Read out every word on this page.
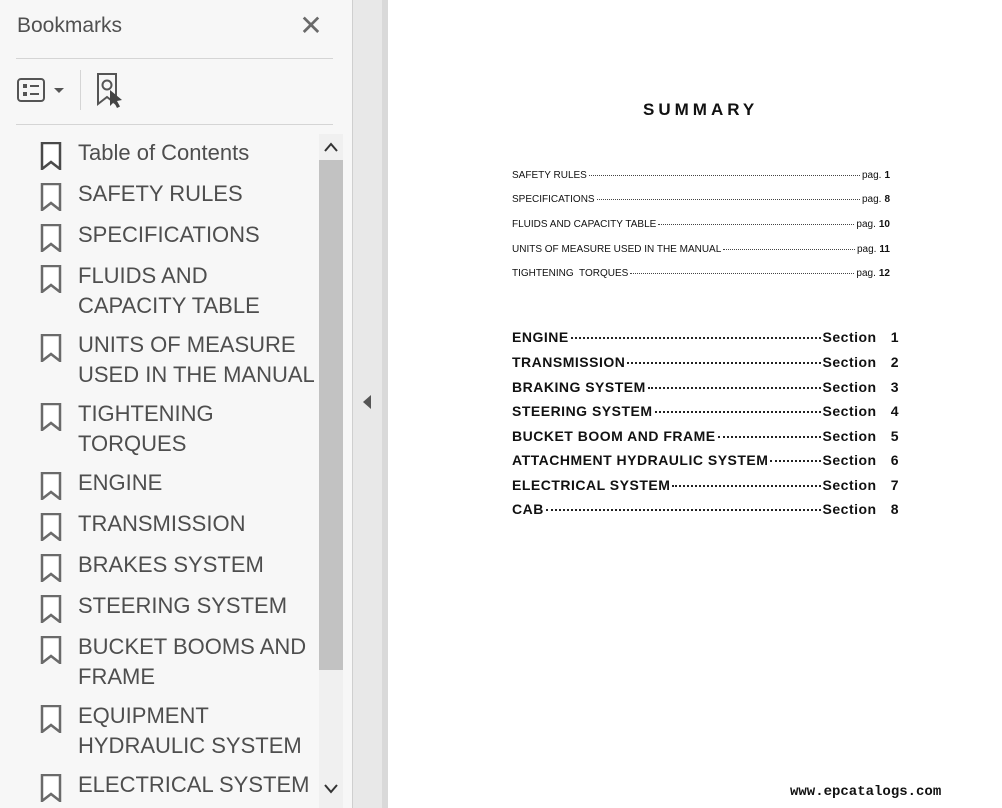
Bookmarks	✕
Table of Contents
SAFETY RULES
SPECIFICATIONS
FLUIDS AND CAPACITY TABLE
UNITS OF MEASURE USED IN THE MANUAL
TIGHTENING TORQUES
ENGINE
TRANSMISSION
BRAKES SYSTEM
STEERING SYSTEM
BUCKET BOOMS AND FRAME
EQUIPMENT HYDRAULIC SYSTEM
ELECTRICAL SYSTEM
SUMMARY
SAFETY RULES	pag. 1
SPECIFICATIONS	pag. 8
FLUIDS AND CAPACITY TABLE	pag. 10
UNITS OF MEASURE USED IN THE MANUAL	pag. 11
TIGHTENING  TORQUES	pag. 12
ENGINE	Section 1
TRANSMISSION	Section 2
BRAKING SYSTEM	Section 3
STEERING SYSTEM	Section 4
BUCKET BOOM AND FRAME	Section 5
ATTACHMENT HYDRAULIC SYSTEM	Section 6
ELECTRICAL SYSTEM	Section 7
CAB	Section 8
www.epcatalogs.com
